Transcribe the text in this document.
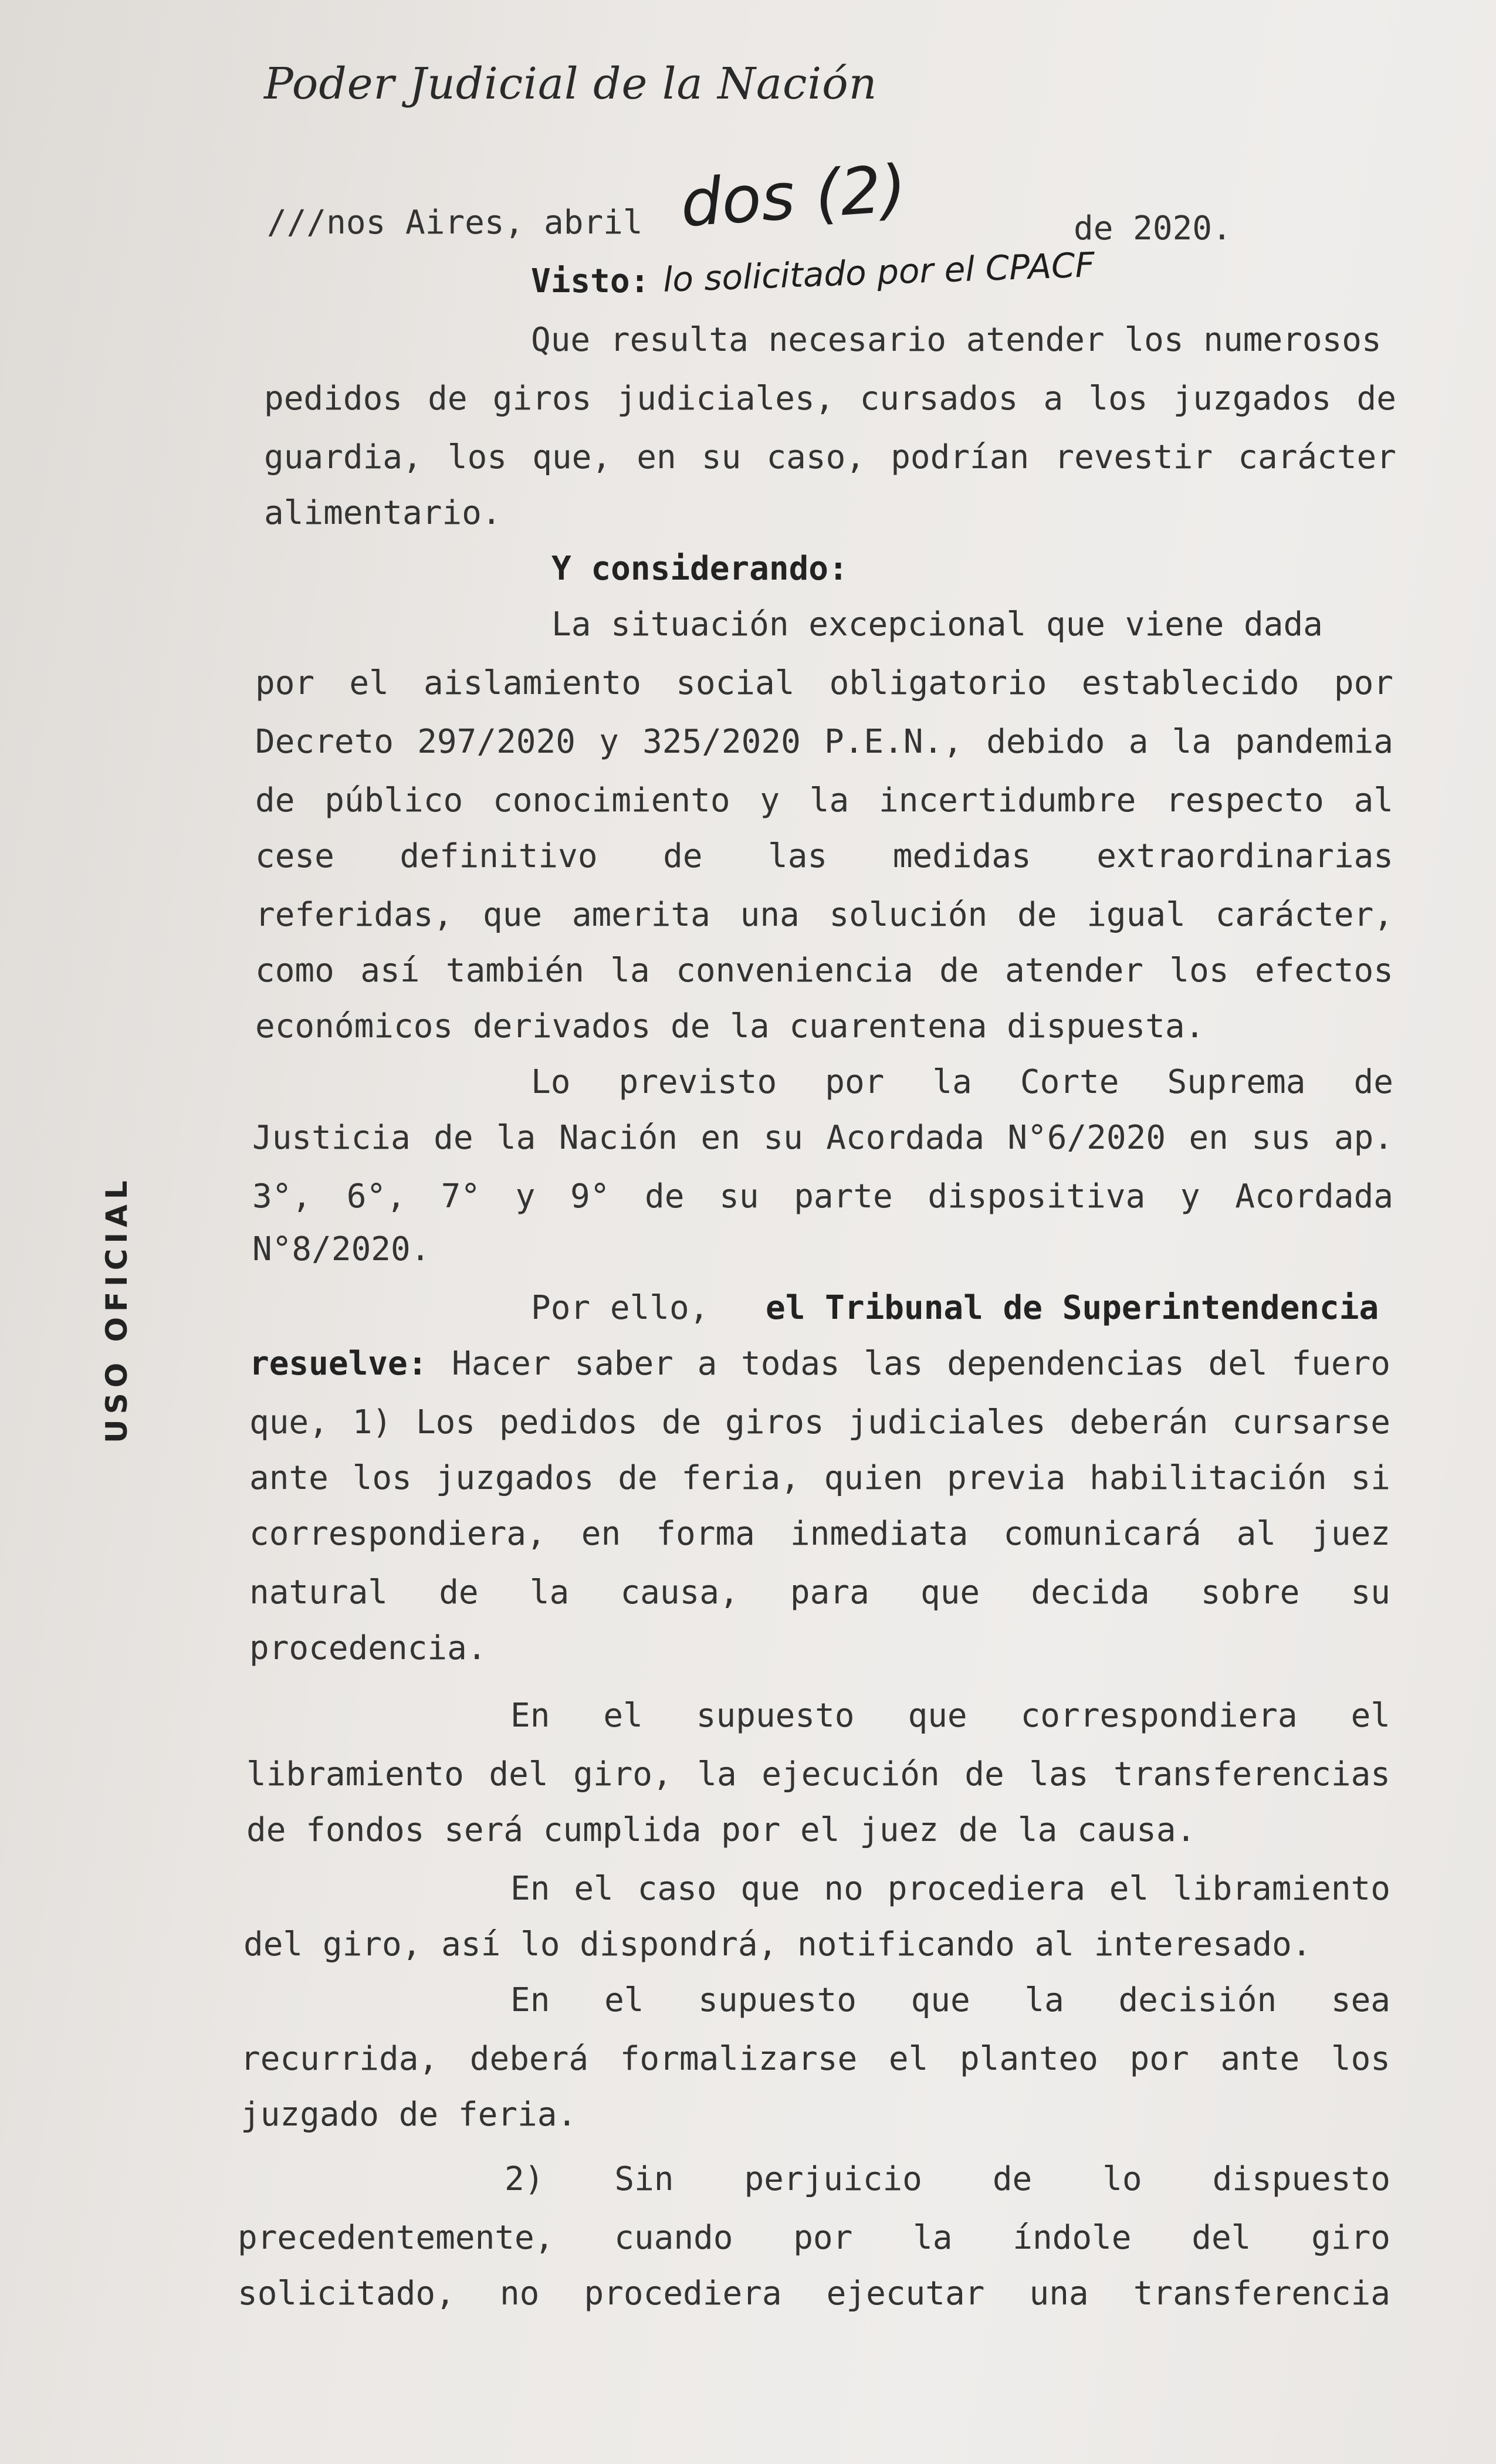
Poder Judicial de la Nación
USO OFICIAL
///nos Aires, abril	de 2020.
dos (2)
Visto: lo solicitado por el CPACF
Que resulta necesario atender los numerosos
pedidos de giros judiciales, cursados a los juzgados de
guardia, los que, en su caso, podrían revestir carácter
alimentario.
Y considerando:
La situación excepcional que viene dada
por el aislamiento social obligatorio establecido por
Decreto 297/2020 y 325/2020 P.E.N., debido a la pandemia
de público conocimiento y la incertidumbre respecto al
cese definitivo de las medidas extraordinarias
referidas, que amerita una solución de igual carácter,
como así también la conveniencia de atender los efectos
económicos derivados de la cuarentena dispuesta.
Lo previsto por la Corte Suprema de
Justicia de la Nación en su Acordada N°6/2020 en sus ap.
3°, 6°, 7° y 9° de su parte dispositiva y Acordada
N°8/2020.
Por ello, el Tribunal de Superintendencia
resuelve: Hacer saber a todas las dependencias del fuero
que, 1) Los pedidos de giros judiciales deberán cursarse
ante los juzgados de feria, quien previa habilitación si
correspondiera, en forma inmediata comunicará al juez
natural de la causa, para que decida sobre su
procedencia.
En el supuesto que correspondiera el
libramiento del giro, la ejecución de las transferencias
de fondos será cumplida por el juez de la causa.
En el caso que no procediera el libramiento
del giro, así lo dispondrá, notificando al interesado.
En el supuesto que la decisión sea
recurrida, deberá formalizarse el planteo por ante los
juzgado de feria.
2) Sin perjuicio de lo dispuesto
precedentemente, cuando por la índole del giro
solicitado, no procediera ejecutar una transferencia
